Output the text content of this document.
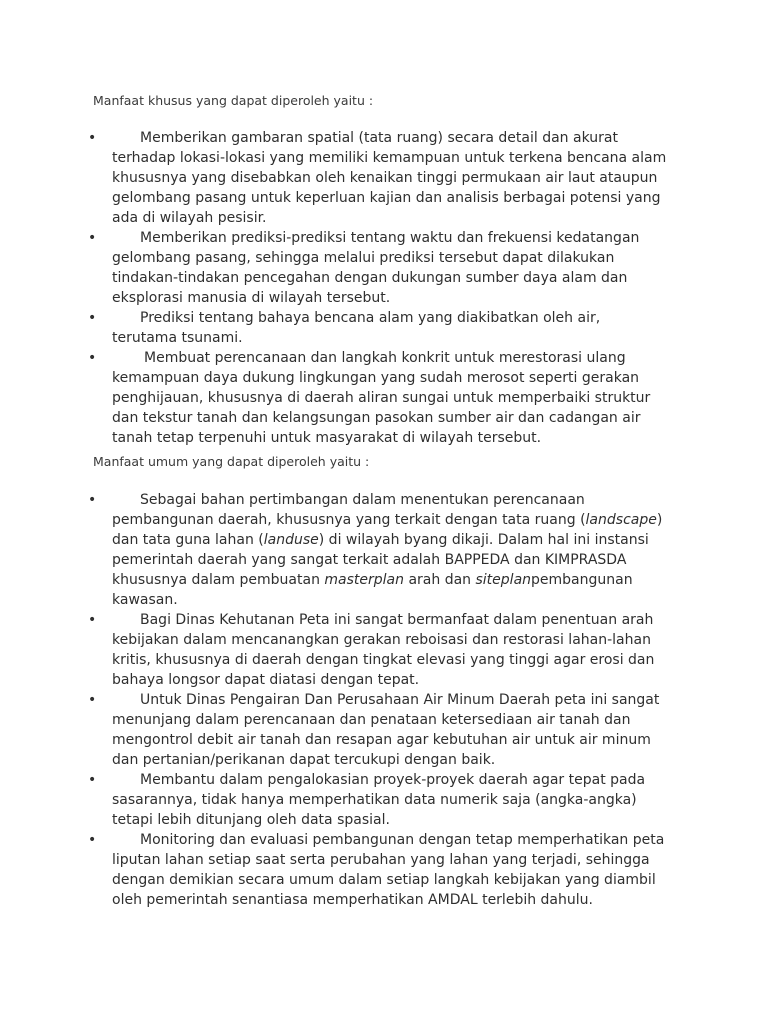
Manfaat khusus yang dapat diperoleh yaitu :
•	Memberikan gambaran spatial (tata ruang) secara detail dan akurat
terhadap lokasi-lokasi yang memiliki kemampuan untuk terkena bencana alam
khususnya yang disebabkan oleh kenaikan tinggi permukaan air laut ataupun
gelombang pasang untuk keperluan kajian dan analisis berbagai potensi yang
ada di wilayah pesisir.
•	Memberikan prediksi-prediksi tentang waktu dan frekuensi kedatangan
gelombang pasang, sehingga melalui prediksi tersebut dapat dilakukan
tindakan-tindakan pencegahan dengan dukungan sumber daya alam dan
eksplorasi manusia di wilayah tersebut.
•	Prediksi tentang bahaya bencana alam yang diakibatkan oleh air,
terutama tsunami.
•	Membuat perencanaan dan langkah konkrit untuk merestorasi ulang
kemampuan daya dukung lingkungan yang sudah merosot seperti gerakan
penghijauan, khususnya di daerah aliran sungai untuk memperbaiki struktur
dan tekstur tanah dan kelangsungan pasokan sumber air dan cadangan air
tanah tetap terpenuhi untuk masyarakat di wilayah tersebut.
Manfaat umum yang dapat diperoleh yaitu :
•	Sebagai bahan pertimbangan dalam menentukan perencanaan
pembangunan daerah, khususnya yang terkait dengan tata ruang (landscape)
dan tata guna lahan (landuse) di wilayah byang dikaji. Dalam hal ini instansi
pemerintah daerah yang sangat terkait adalah BAPPEDA dan KIMPRASDA
khususnya dalam pembuatan masterplan arah dan siteplanpembangunan
kawasan.
•	Bagi Dinas Kehutanan Peta ini sangat bermanfaat dalam penentuan arah
kebijakan dalam mencanangkan gerakan reboisasi dan restorasi lahan-lahan
kritis, khususnya di daerah dengan tingkat elevasi yang tinggi agar erosi dan
bahaya longsor dapat diatasi dengan tepat.
•	Untuk Dinas Pengairan Dan Perusahaan Air Minum Daerah peta ini sangat
menunjang dalam perencanaan dan penataan ketersediaan air tanah dan
mengontrol debit air tanah dan resapan agar kebutuhan air untuk air minum
dan pertanian/perikanan dapat tercukupi dengan baik.
•	Membantu dalam pengalokasian proyek-proyek daerah agar tepat pada
sasarannya, tidak hanya memperhatikan data numerik saja (angka-angka)
tetapi lebih ditunjang oleh data spasial.
•	Monitoring dan evaluasi pembangunan dengan tetap memperhatikan peta
liputan lahan setiap saat serta perubahan yang lahan yang terjadi, sehingga
dengan demikian secara umum dalam setiap langkah kebijakan yang diambil
oleh pemerintah senantiasa memperhatikan AMDAL terlebih dahulu.
